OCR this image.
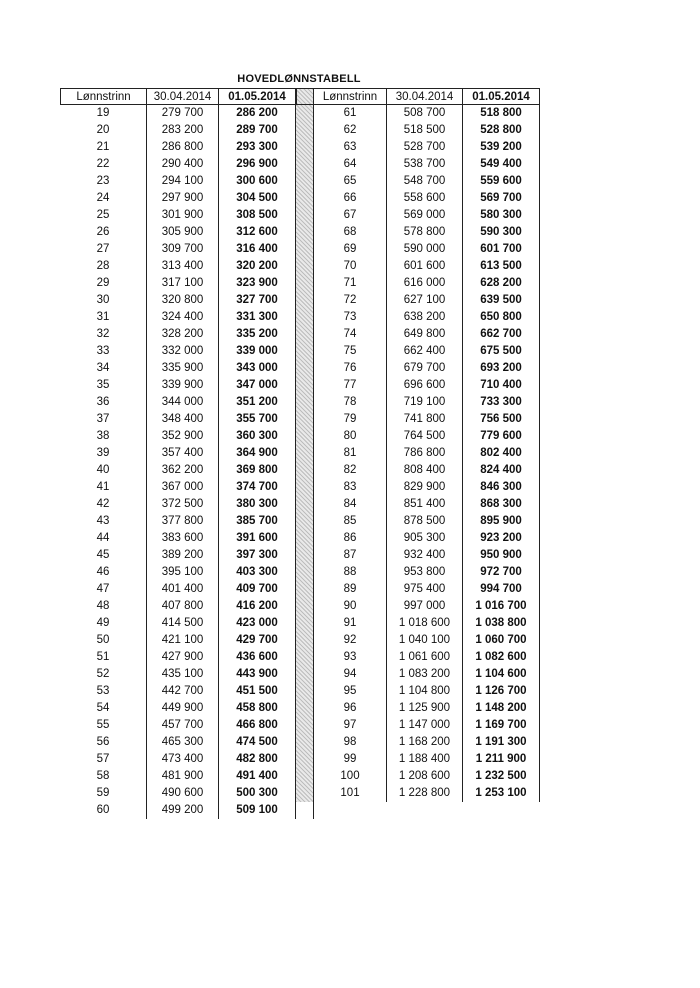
HOVEDLØNNSTABELL
Lønnstrinn	30.04.2014	01.05.2014	Lønnstrinn	30.04.2014	01.05.2014
19	279 700	286 200	61	508 700	518 800
20	283 200	289 700	62	518 500	528 800
21	286 800	293 300	63	528 700	539 200
22	290 400	296 900	64	538 700	549 400
23	294 100	300 600	65	548 700	559 600
24	297 900	304 500	66	558 600	569 700
25	301 900	308 500	67	569 000	580 300
26	305 900	312 600	68	578 800	590 300
27	309 700	316 400	69	590 000	601 700
28	313 400	320 200	70	601 600	613 500
29	317 100	323 900	71	616 000	628 200
30	320 800	327 700	72	627 100	639 500
31	324 400	331 300	73	638 200	650 800
32	328 200	335 200	74	649 800	662 700
33	332 000	339 000	75	662 400	675 500
34	335 900	343 000	76	679 700	693 200
35	339 900	347 000	77	696 600	710 400
36	344 000	351 200	78	719 100	733 300
37	348 400	355 700	79	741 800	756 500
38	352 900	360 300	80	764 500	779 600
39	357 400	364 900	81	786 800	802 400
40	362 200	369 800	82	808 400	824 400
41	367 000	374 700	83	829 900	846 300
42	372 500	380 300	84	851 400	868 300
43	377 800	385 700	85	878 500	895 900
44	383 600	391 600	86	905 300	923 200
45	389 200	397 300	87	932 400	950 900
46	395 100	403 300	88	953 800	972 700
47	401 400	409 700	89	975 400	994 700
48	407 800	416 200	90	997 000	1 016 700
49	414 500	423 000	91	1 018 600	1 038 800
50	421 100	429 700	92	1 040 100	1 060 700
51	427 900	436 600	93	1 061 600	1 082 600
52	435 100	443 900	94	1 083 200	1 104 600
53	442 700	451 500	95	1 104 800	1 126 700
54	449 900	458 800	96	1 125 900	1 148 200
55	457 700	466 800	97	1 147 000	1 169 700
56	465 300	474 500	98	1 168 200	1 191 300
57	473 400	482 800	99	1 188 400	1 211 900
58	481 900	491 400	100	1 208 600	1 232 500
59	490 600	500 300	101	1 228 800	1 253 100
60	499 200	509 100
